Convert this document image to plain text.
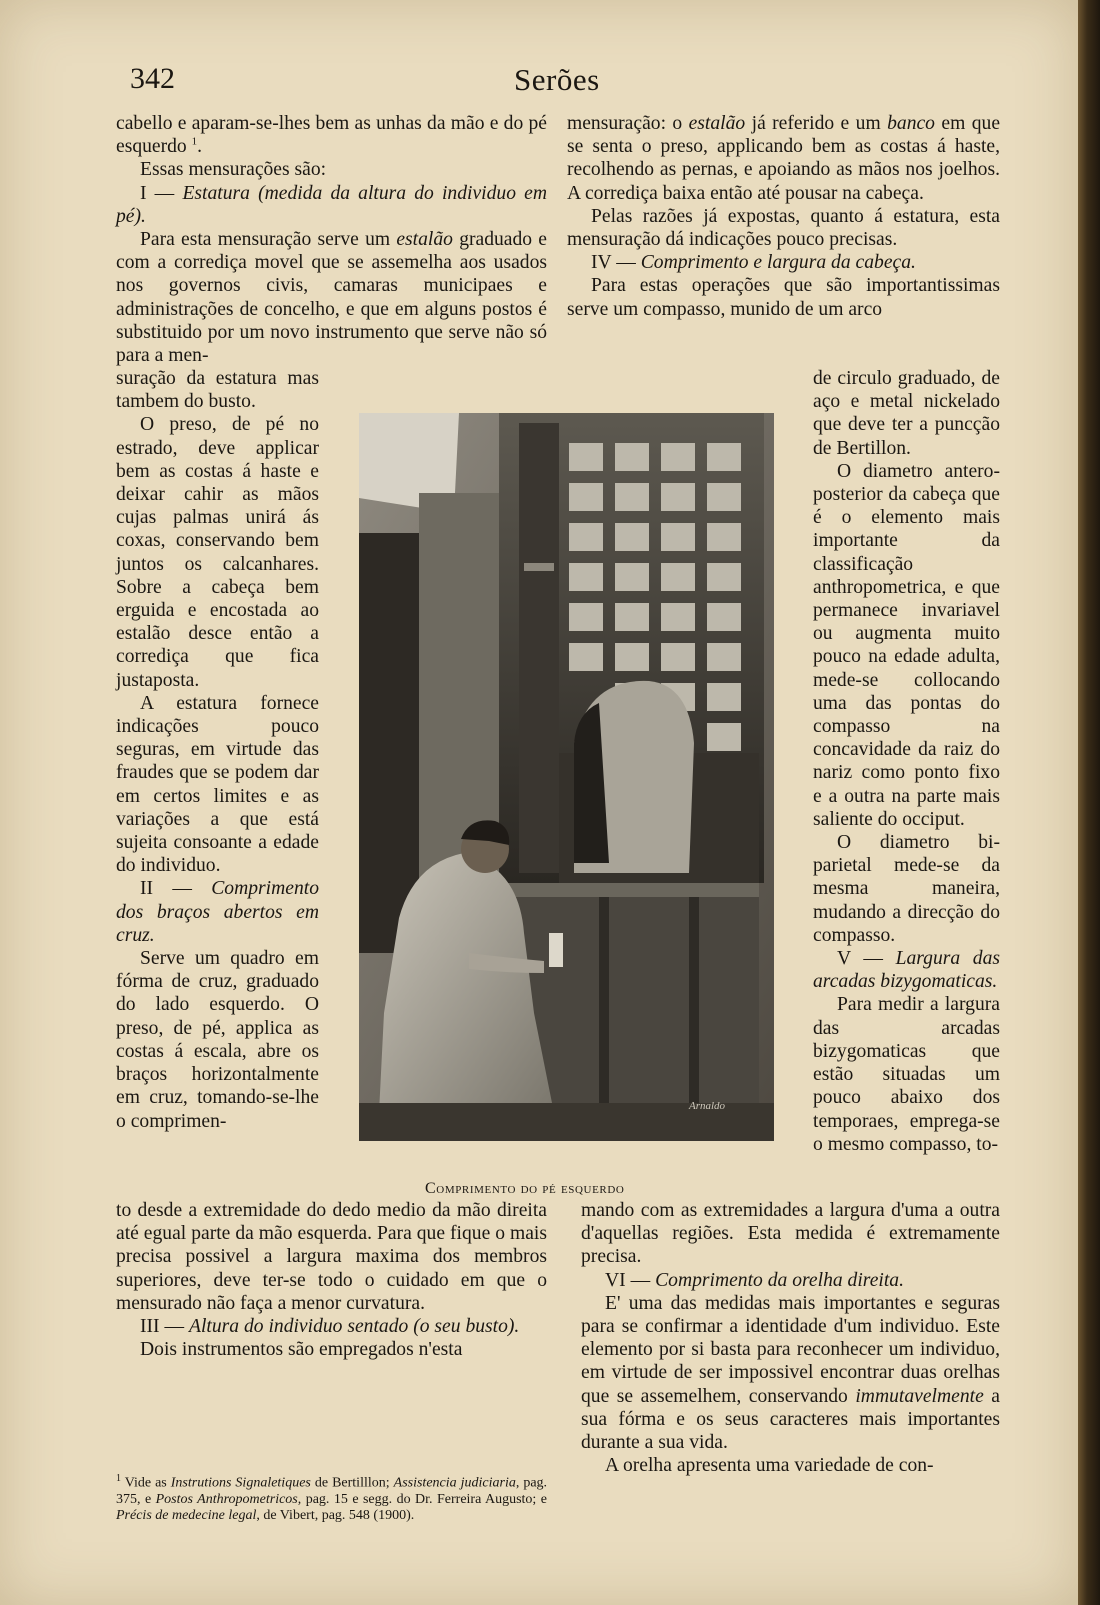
342	Serões

cabello e aparam-se-lhes bem as unhas da mão e do pé esquerdo $^1$.

Essas mensurações são:

I — Estatura (medida da altura do individuo em pé).

Para esta mensuração serve um estalão graduado e com a corrediça movel que se assemelha aos usados nos governos civis, camaras municipaes e administrações de concelho, e que em alguns postos é substituido por um novo instrumento que serve não só para a men-

suração da estatura mas tambem do busto.

O preso, de pé no estrado, deve applicar bem as costas á haste e deixar cahir as mãos cujas palmas unirá ás coxas, conservando bem juntos os calcanhares. Sobre a cabeça bem erguida e encostada ao estalão desce então a corrediça que fica justaposta.

A estatura fornece indicações pouco seguras, em virtude das fraudes que se podem dar em certos limites e as variações a que está sujeita consoante a edade do individuo.

II — Comprimento dos braços abertos em cruz.

Serve um quadro em fórma de cruz, graduado do lado esquerdo. O preso, de pé, applica as costas á escala, abre os braços horizontalmente em cruz, tomando-se-lhe o comprimen-

to desde a extremidade do dedo medio da mão direita até egual parte da mão esquerda. Para que fique o mais precisa possivel a largura maxima dos membros superiores, deve ter-se todo o cuidado em que o mensurado não faça a menor curvatura.

III — Altura do individuo sentado (o seu busto).

Dois instrumentos são empregados n'esta

$^1$ Vide as Instrutions Signaletiques de Bertilllon; Assistencia judiciaria, pag. 375, e Postos Anthropometricos, pag. 15 e segg. do Dr. Ferreira Augusto; e Précis de medecine legal, de Vibert, pag. 548 (1900).

mensuração: o estalão já referido e um banco em que se senta o preso, applicando bem as costas á haste, recolhendo as pernas, e apoiando as mãos nos joelhos. A corrediça baixa então até pousar na cabeça.

Pelas razões já expostas, quanto á estatura, esta mensuração dá indicações pouco precisas.

IV — Comprimento e largura da cabeça.

Para estas operações que são importantissimas serve um compasso, munido de um arco

de circulo graduado, de aço e metal nickelado que deve ter a puncção de Bertillon.

O diametro antero-posterior da cabeça que é o elemento mais importante da classificação anthropometrica, e que permanece invariavel ou augmenta muito pouco na edade adulta, mede-se collocando uma das pontas do compasso na concavidade da raiz do nariz como ponto fixo e a outra na parte mais saliente do occiput.

O diametro bi-parietal mede-se da mesma maneira, mudando a direcção do compasso.

V — Largura das arcadas bizygomaticas.

Para medir a largura das arcadas bizygomaticas que estão situadas um pouco abaixo dos temporaes, emprega-se o mesmo compasso, to-

mando com as extremidades a largura d'uma a outra d'aquellas regiões. Esta medida é extremamente precisa.

VI — Comprimento da orelha direita.

E' uma das medidas mais importantes e seguras para se confirmar a identidade d'um individuo. Este elemento por si basta para reconhecer um individuo, em virtude de ser impossivel encontrar duas orelhas que se assemelhem, conservando immutavelmente a sua fórma e os seus caracteres mais importantes durante a sua vida.

A orelha apresenta uma variedade de con-

Arnaldo
Comprimento do pé esquerdo
